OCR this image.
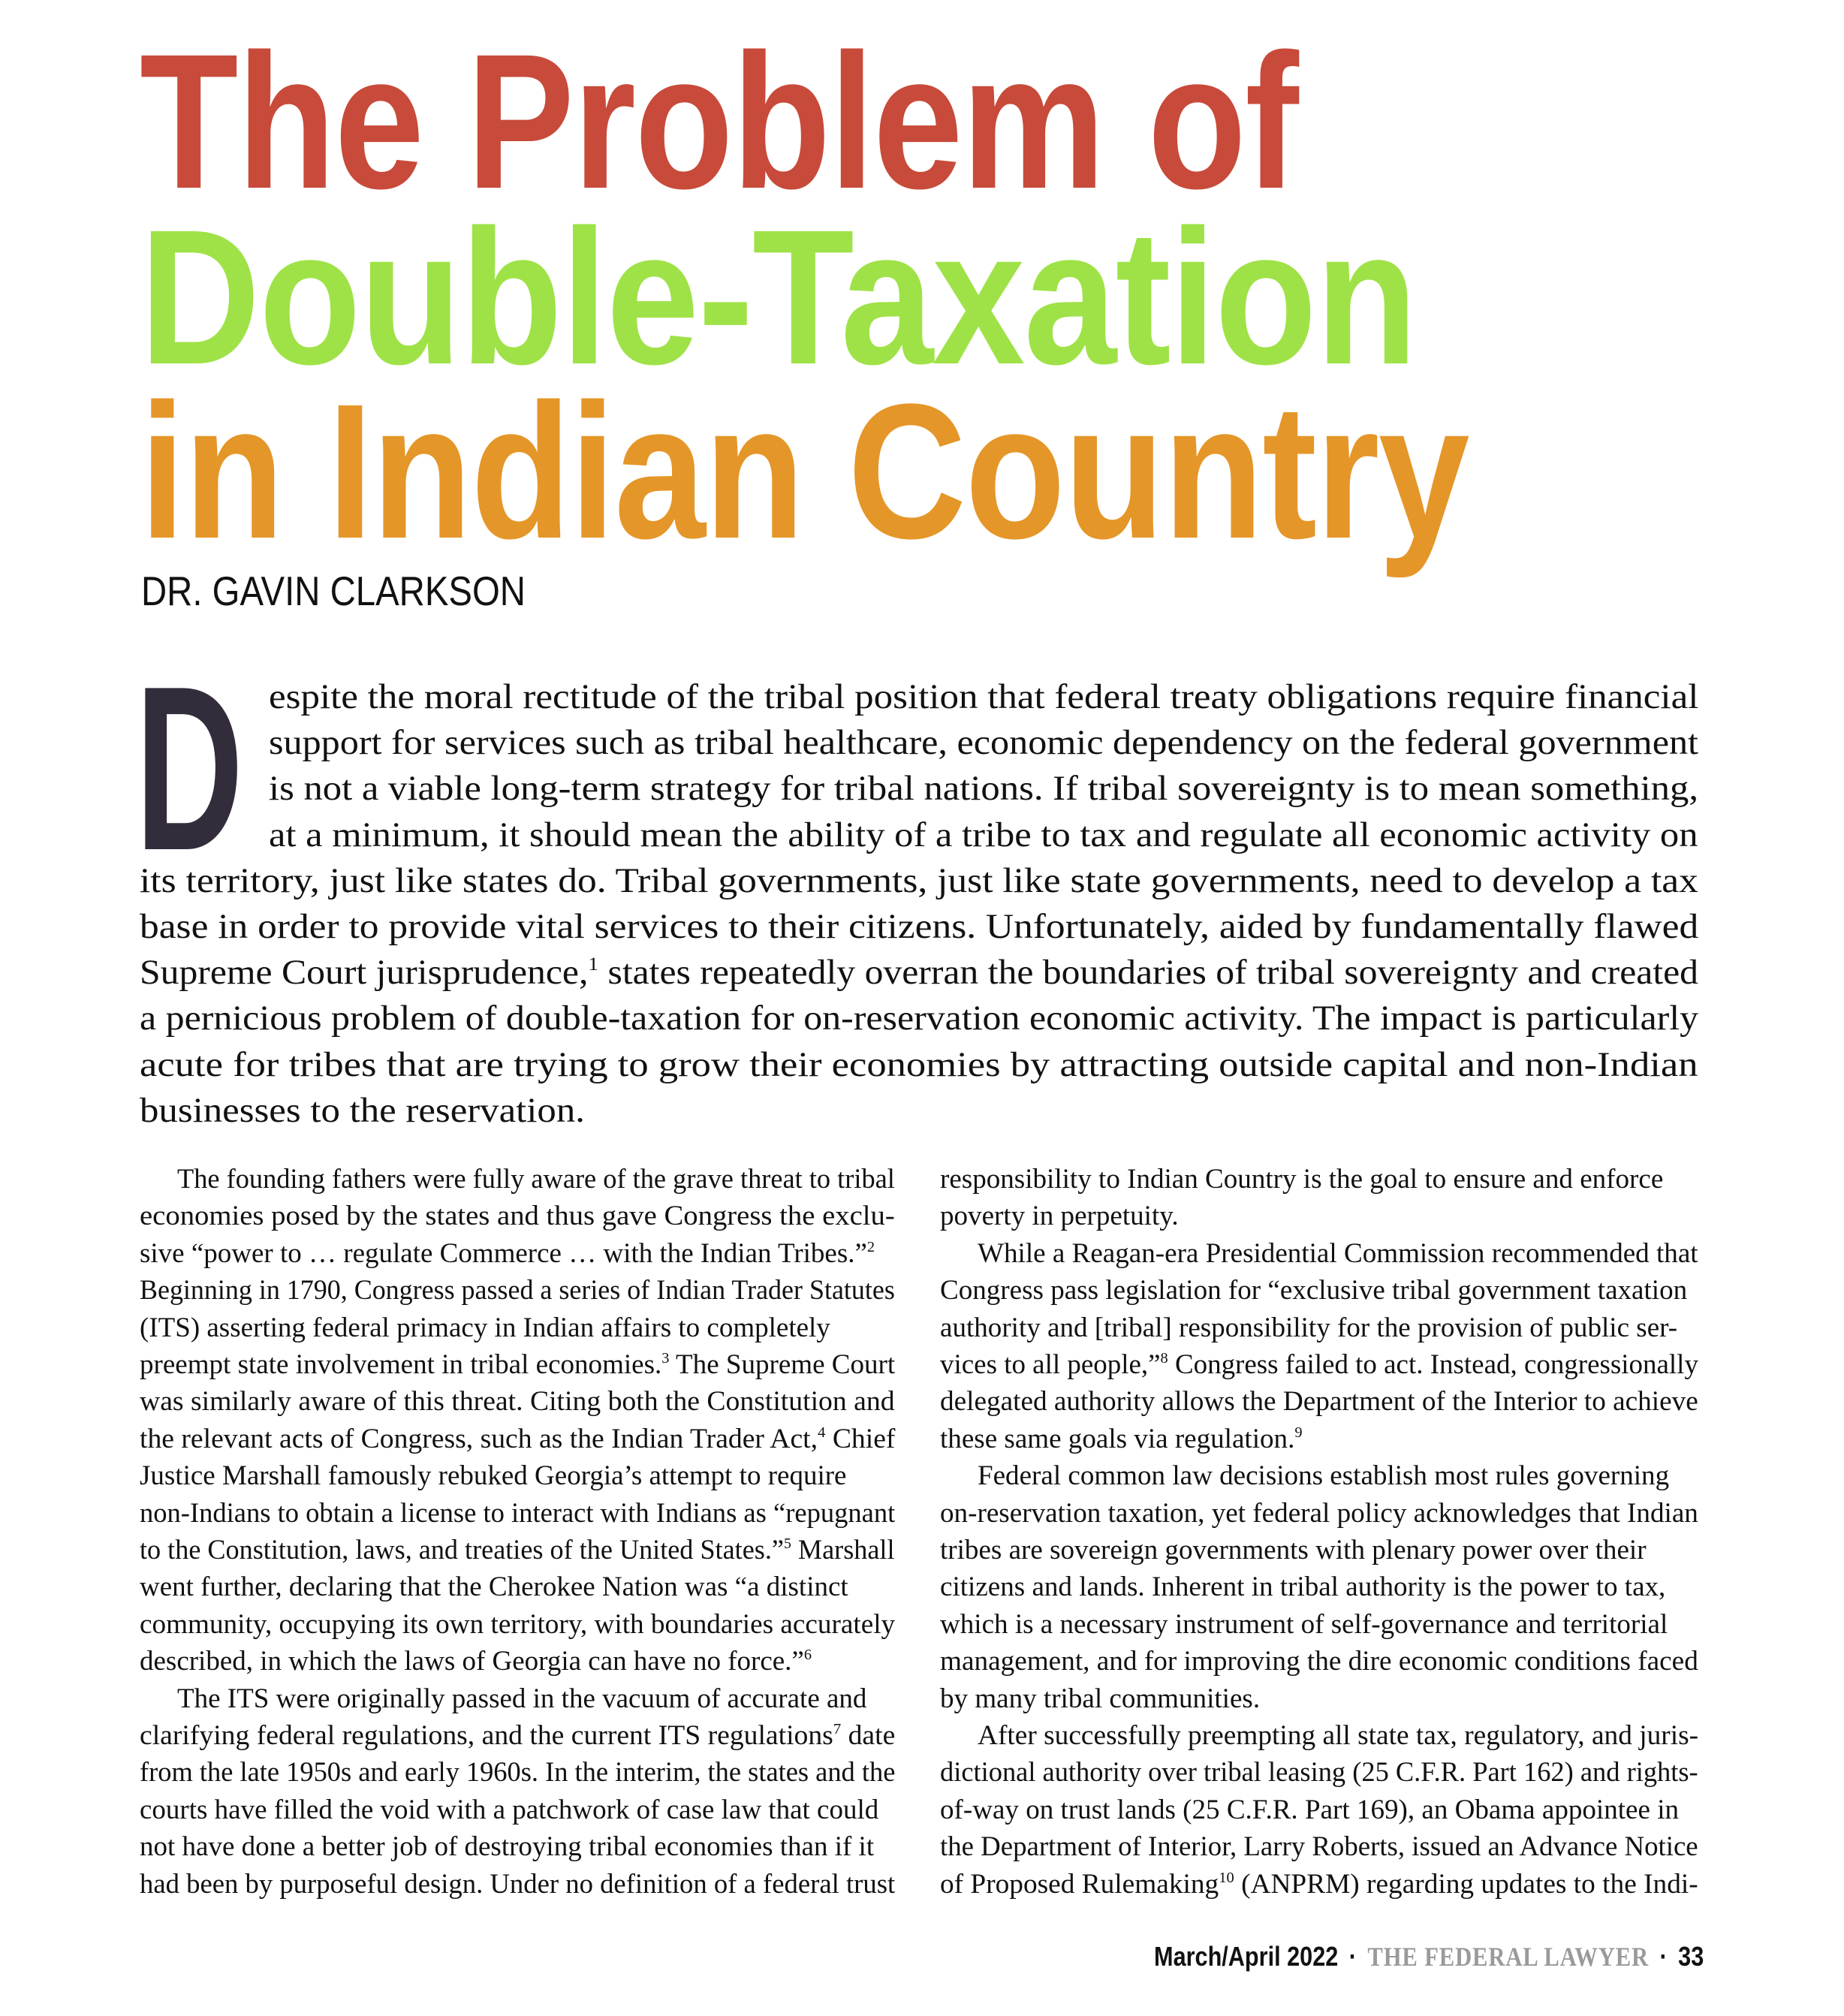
The Problem of
Double-Taxation
in Indian Country
DR. GAVIN CLARKSON
D espite the moral rectitude of the tribal position that federal treaty obligations require financial
support for services such as tribal healthcare, economic dependency on the federal government
is not a viable long-term strategy for tribal nations. If tribal sovereignty is to mean something,
at a minimum, it should mean the ability of a tribe to tax and regulate all economic activity on
its territory, just like states do. Tribal governments, just like state governments, need to develop a tax
base in order to provide vital services to their citizens. Unfortunately, aided by fundamentally flawed
Supreme Court jurisprudence,$^1$ states repeatedly overran the boundaries of tribal sovereignty and created
a pernicious problem of double-taxation for on-reservation economic activity. The impact is particularly
acute for tribes that are trying to grow their economies by attracting outside capital and non-Indian
businesses to the reservation.
The founding fathers were fully aware of the grave threat to tribal
economies posed by the states and thus gave Congress the exclu-
sive “power to … regulate Commerce … with the Indian Tribes.”$^2$
Beginning in 1790, Congress passed a series of Indian Trader Statutes
(ITS) asserting federal primacy in Indian affairs to completely
preempt state involvement in tribal economies.$^3$ The Supreme Court
was similarly aware of this threat. Citing both the Constitution and
the relevant acts of Congress, such as the Indian Trader Act,$^4$ Chief
Justice Marshall famously rebuked Georgia’s attempt to require
non-Indians to obtain a license to interact with Indians as “repugnant
to the Constitution, laws, and treaties of the United States.”$^5$ Marshall
went further, declaring that the Cherokee Nation was “a distinct
community, occupying its own territory, with boundaries accurately
described, in which the laws of Georgia can have no force.”$^6$
The ITS were originally passed in the vacuum of accurate and
clarifying federal regulations, and the current ITS regulations$^7$ date
from the late 1950s and early 1960s. In the interim, the states and the
courts have filled the void with a patchwork of case law that could
not have done a better job of destroying tribal economies than if it
had been by purposeful design. Under no definition of a federal trust
responsibility to Indian Country is the goal to ensure and enforce
poverty in perpetuity.
While a Reagan-era Presidential Commission recommended that
Congress pass legislation for “exclusive tribal government taxation
authority and [tribal] responsibility for the provision of public ser-
vices to all people,”$^8$ Congress failed to act. Instead, congressionally
delegated authority allows the Department of the Interior to achieve
these same goals via regulation.$^9$
Federal common law decisions establish most rules governing
on-reservation taxation, yet federal policy acknowledges that Indian
tribes are sovereign governments with plenary power over their
citizens and lands. Inherent in tribal authority is the power to tax,
which is a necessary instrument of self-governance and territorial
management, and for improving the dire economic conditions faced
by many tribal communities.
After successfully preempting all state tax, regulatory, and juris-
dictional authority over tribal leasing (25 C.F.R. Part 162) and rights-
of-way on trust lands (25 C.F.R. Part 169), an Obama appointee in
the Department of Interior, Larry Roberts, issued an Advance Notice
of Proposed Rulemaking$^{10}$ (ANPRM) regarding updates to the Indi-
March/April 2022 · THE FEDERAL LAWYER · 33
